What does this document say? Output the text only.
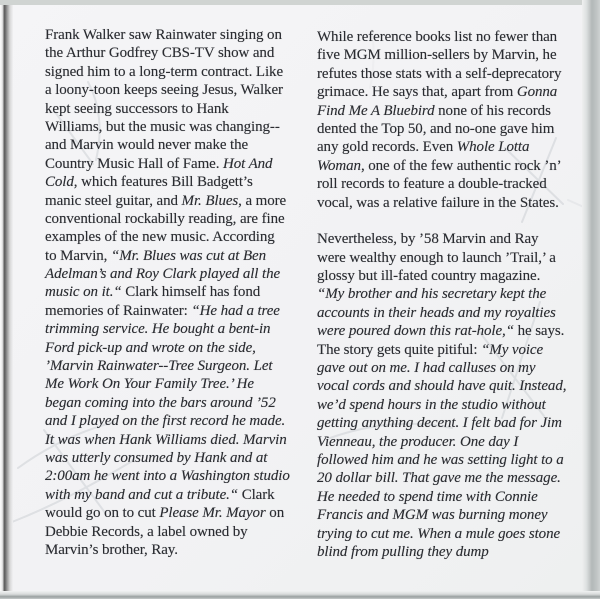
Frank Walker saw Rainwater singing on
the Arthur Godfrey CBS-TV show and
signed him to a long-term contract. Like
a loony-toon keeps seeing Jesus, Walker
kept seeing successors to Hank
Williams, but the music was changing--
and Marvin would never make the
Country Music Hall of Fame. Hot And
Cold, which features Bill Badgett’s
manic steel guitar, and Mr. Blues, a more
conventional rockabilly reading, are fine
examples of the new music. According
to Marvin, “Mr. Blues was cut at Ben
Adelman’s and Roy Clark played all the
music on it.“ Clark himself has fond
memories of Rainwater: “He had a tree
trimming service. He bought a bent-in
Ford pick-up and wrote on the side,
’Marvin Rainwater--Tree Surgeon. Let
Me Work On Your Family Tree.’ He
began coming into the bars around ’52
and I played on the first record he made.
It was when Hank Williams died. Marvin
was utterly consumed by Hank and at
2:00am he went into a Washington studio
with my band and cut a tribute.“ Clark
would go on to cut Please Mr. Mayor on
Debbie Records, a label owned by
Marvin’s brother, Ray.
While reference books list no fewer than
five MGM million-sellers by Marvin, he
refutes those stats with a self-deprecatory
grimace. He says that, apart from Gonna
Find Me A Bluebird none of his records
dented the Top 50, and no-one gave him
any gold records. Even Whole Lotta
Woman, one of the few authentic rock ’n’
roll records to feature a double-tracked
vocal, was a relative failure in the States.

Nevertheless, by ’58 Marvin and Ray
were wealthy enough to launch ’Trail,’ a
glossy but ill-fated country magazine.
“My brother and his secretary kept the
accounts in their heads and my royalties
were poured down this rat-hole,“ he says.
The story gets quite pitiful: “My voice
gave out on me. I had calluses on my
vocal cords and should have quit. Instead,
we’d spend hours in the studio without
getting anything decent. I felt bad for Jim
Vienneau, the producer. One day I
followed him and he was setting light to a
20 dollar bill. That gave me the message.
He needed to spend time with Connie
Francis and MGM was burning money
trying to cut me. When a mule goes stone
blind from pulling they dump
